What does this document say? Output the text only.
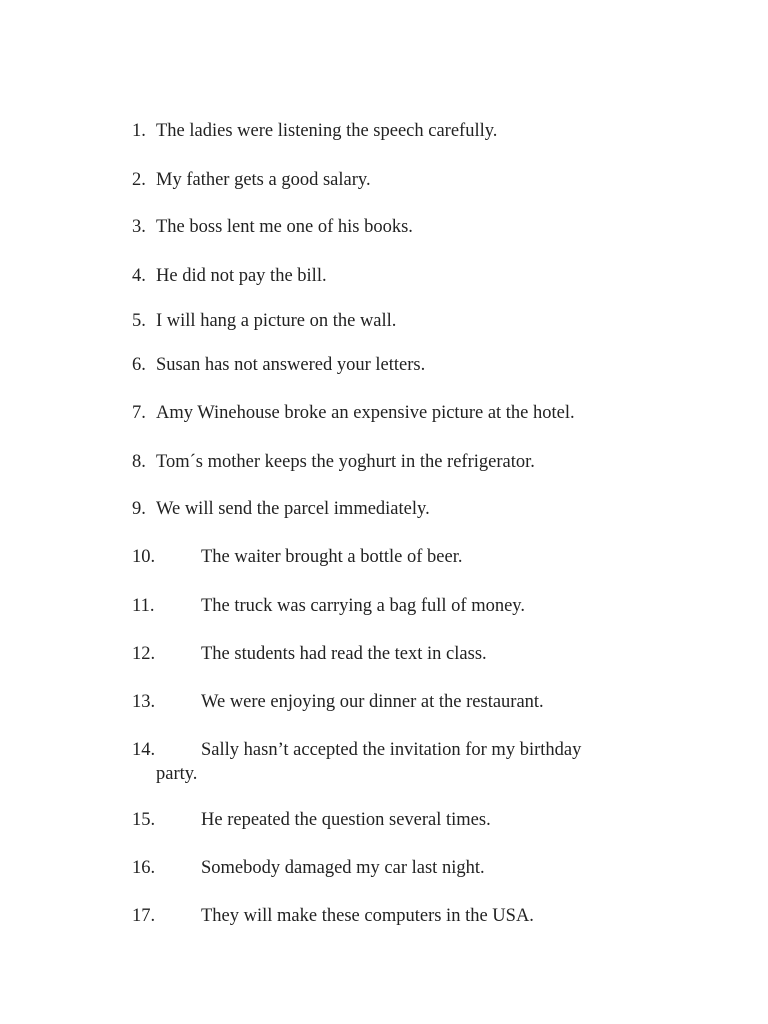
1. The ladies were listening the speech carefully.
2. My father gets a good salary.
3. The boss lent me one of his books.
4. He did not pay the bill.
5. I will hang a picture on the wall.
6. Susan has not answered your letters.
7. Amy Winehouse broke an expensive picture at the hotel.
8. Tom´s mother keeps the yoghurt in the refrigerator.
9. We will send the parcel immediately.
10. The waiter brought a bottle of beer.
11.	The truck was carrying a bag full of money.
12. The students had read the text in class.
13. We were enjoying our dinner at the restaurant.
14. Sally hasn’t accepted the invitation for my birthday
party.
15. He repeated the question several times.
16. Somebody damaged my car last night.
17. They will make these computers in the USA.
